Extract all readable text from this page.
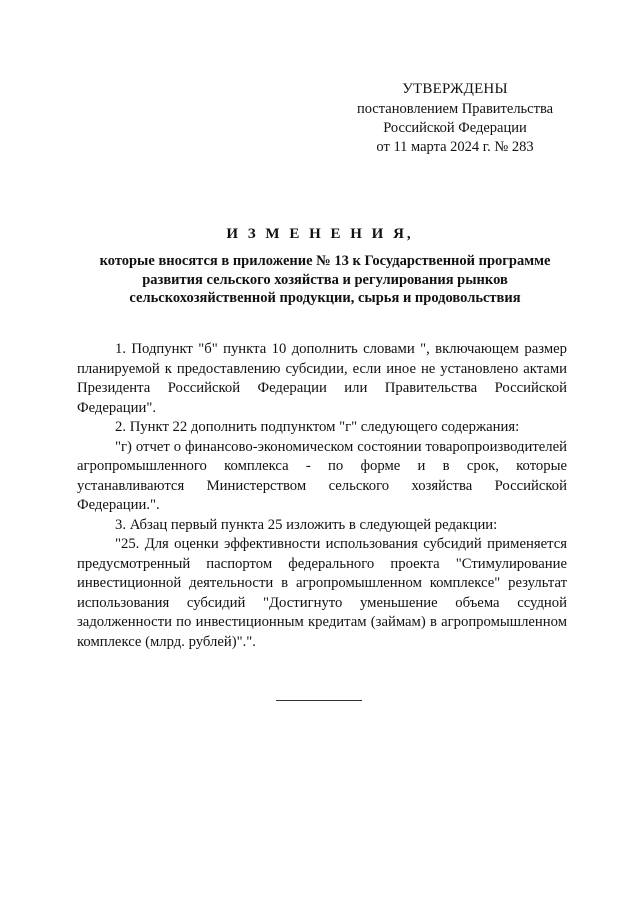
УТВЕРЖДЕНЫ
постановлением Правительства
Российской Федерации
от 11 марта 2024 г. № 283
И З М Е Н Е Н И Я,
которые вносятся в приложение № 13 к Государственной программе
развития сельского хозяйства и регулирования рынков
сельскохозяйственной продукции, сырья и продовольствия

1. Подпункт "б" пункта 10 дополнить словами ", включающем размер планируемой к предоставлению субсидии, если иное не установлено актами Президента Российской Федерации или Правительства Российской Федерации".

2. Пункт 22 дополнить подпунктом "г" следующего содержания:

"г) отчет о финансово-экономическом состоянии товаропроизводителей агропромышленного комплекса - по форме и в срок, которые устанавливаются Министерством сельского хозяйства Российской Федерации.".

3. Абзац первый пункта 25 изложить в следующей редакции:

"25. Для оценки эффективности использования субсидий применяется предусмотренный паспортом федерального проекта "Стимулирование инвестиционной деятельности в агропромышленном комплексе" результат использования субсидий "Достигнуто уменьшение объема ссудной задолженности по инвестиционным кредитам (займам) в агропромышленном комплексе (млрд. рублей)".".
